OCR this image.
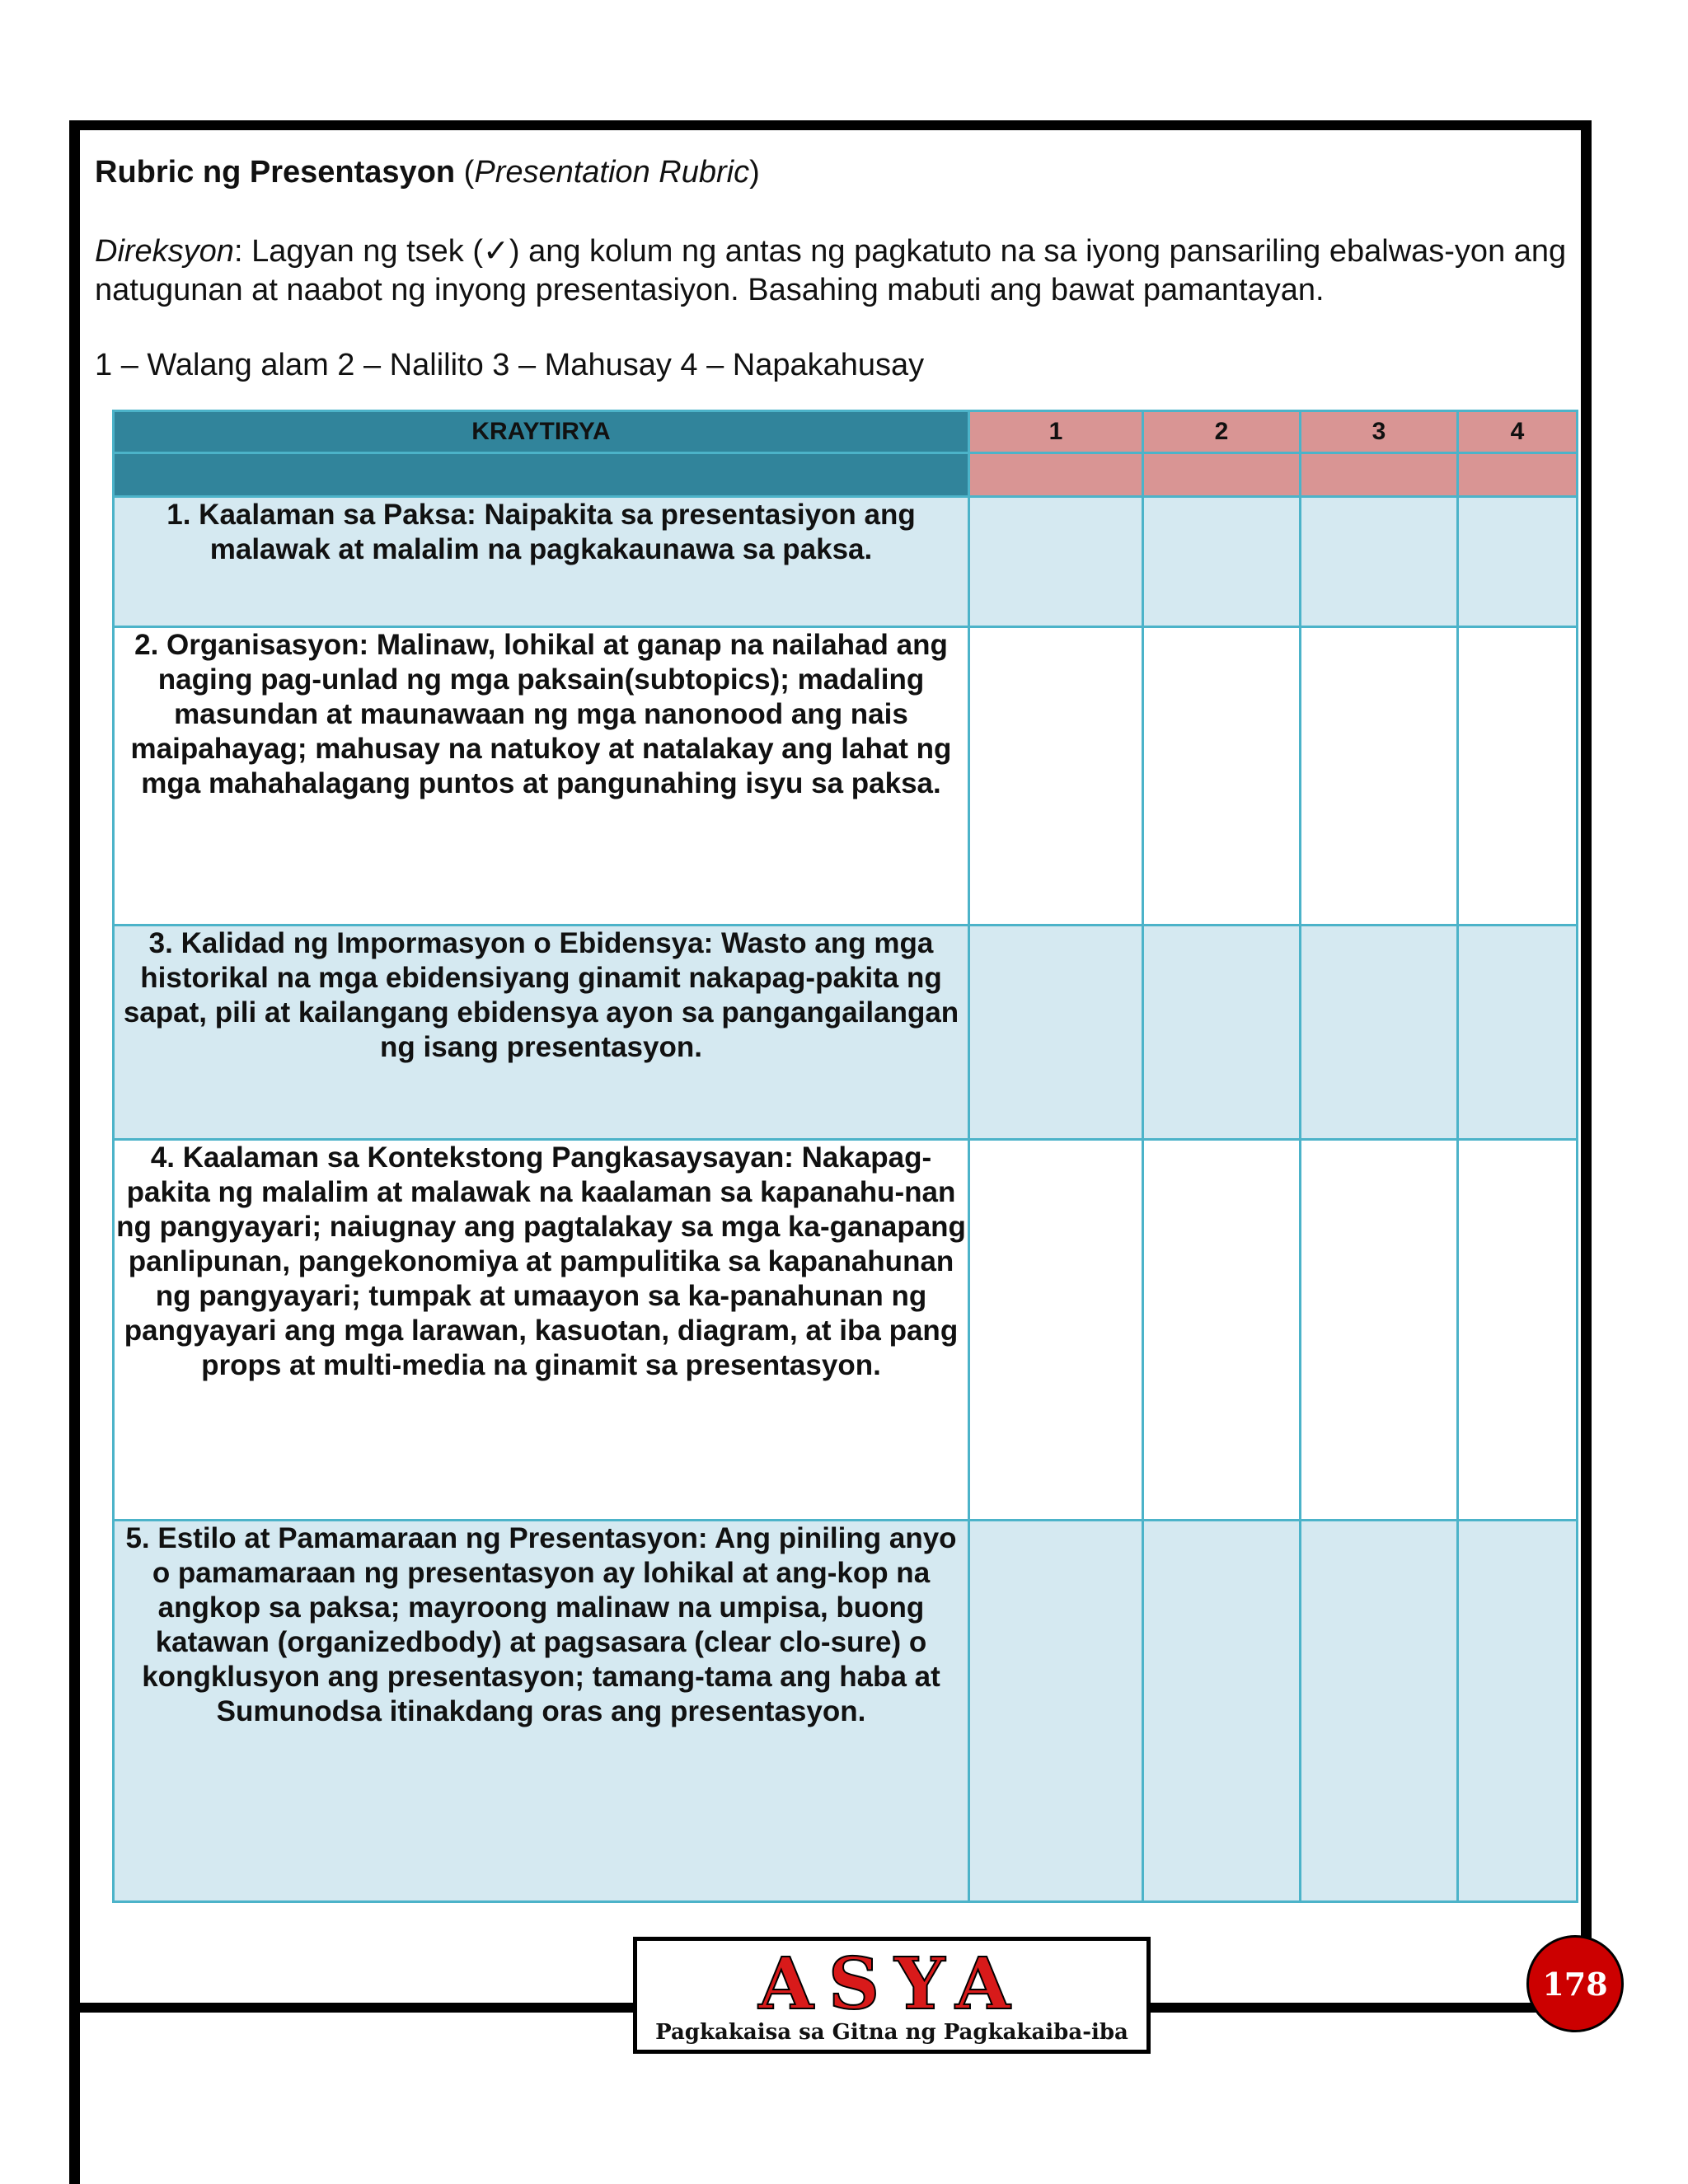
Rubric ng Presentasyon (Presentation Rubric)
Direksyon: Lagyan ng tsek (✓) ang kolum ng antas ng pagkatuto na sa iyong pansariling ebalwas-yon ang natugunan at naabot ng inyong presentasiyon. Basahing mabuti ang bawat pamantayan.
1 – Walang alam 2 – Nalilito 3 – Mahusay 4 – Napakahusay
KRAYTIRYA	1	2	3	4

1. Kaalaman sa Paksa: Naipakita sa presentasiyon ang malawak at malalim na pagkakaunawa sa paksa.				
2. Organisasyon: Malinaw, lohikal at ganap na nailahad ang naging pag-unlad ng mga paksain(subtopics); madaling masundan at maunawaan ng mga nanonood ang nais maipahayag; mahusay na natukoy at natalakay ang lahat ng mga mahahalagang puntos at pangunahing isyu sa paksa.				
3. Kalidad ng Impormasyon o Ebidensya: Wasto ang mga historikal na mga ebidensiyang ginamit nakapag-pakita ng sapat, pili at kailangang ebidensya ayon sa pangangailangan ng isang presentasyon.				
4. Kaalaman sa Kontekstong Pangkasaysayan: Nakapag-pakita ng malalim at malawak na kaalaman sa kapanahu-nan ng pangyayari; naiugnay ang pagtalakay sa mga ka-ganapang panlipunan, pangekonomiya at pampulitika sa kapanahunan ng pangyayari; tumpak at umaayon sa ka-panahunan ng pangyayari ang mga larawan, kasuotan, diagram, at iba pang props at multi-media na ginamit sa presentasyon.				
5. Estilo at Pamamaraan ng Presentasyon: Ang piniling anyo o pamamaraan ng presentasyon ay lohikal at ang-kop na angkop sa paksa; mayroong malinaw na umpisa, buong katawan (organizedbody) at pagsasara (clear clo-sure) o kongklusyon ang presentasyon; tamang-tama ang haba at Sumunodsa itinakdang oras ang presentasyon.				
ASYA
Pagkakaisa sa Gitna ng Pagkakaiba-iba
178
